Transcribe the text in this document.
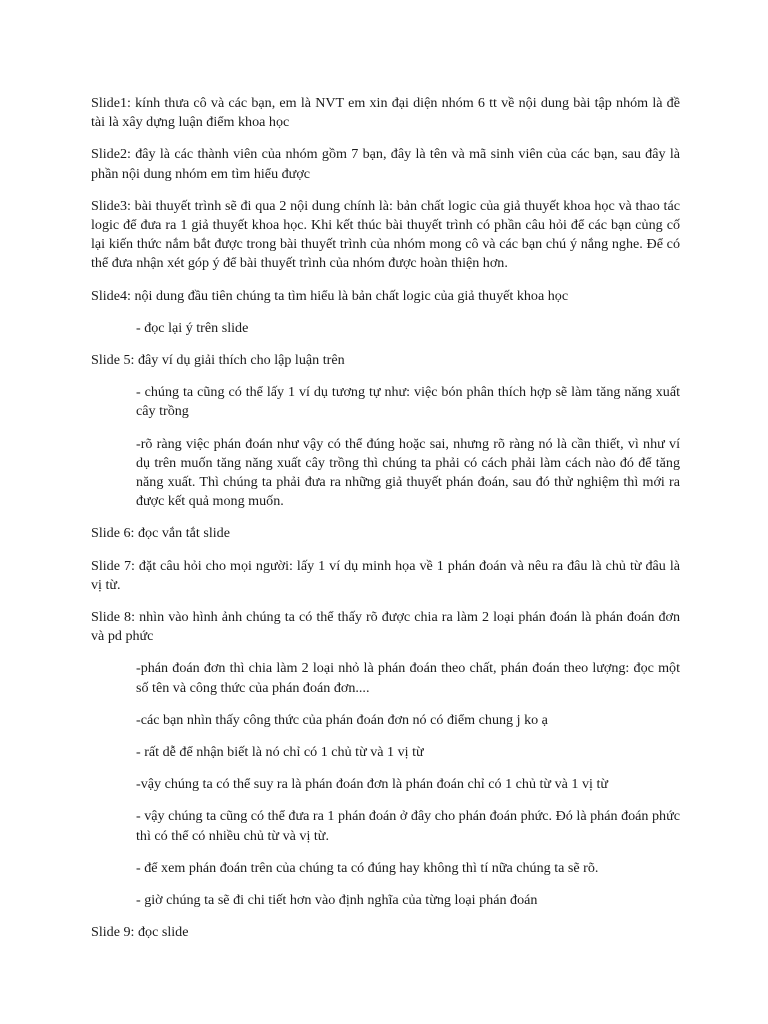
Slide1: kính thưa cô và các bạn, em là NVT em xin đại diện nhóm 6 tt về nội dung bài tập nhóm là đề tài là xây dựng luận điểm khoa học

Slide2: đây là các thành viên của nhóm gồm 7 bạn, đây là tên và mã sinh viên của các bạn, sau đây là phần nội dung nhóm em tìm hiểu được

Slide3: bài thuyết trình sẽ đi qua 2 nội dung chính là: bản chất logic của giả thuyết khoa học và thao tác logic để đưa ra 1 giả thuyết khoa học. Khi kết thúc bài thuyết trình có phần câu hỏi để các bạn củng cố lại kiến thức nắm bắt được trong bài thuyết trình của nhóm mong cô và các bạn chú ý nắng nghe. Để có thể đưa nhận xét góp ý để bài thuyết trình của nhóm được hoàn thiện hơn.

Slide4: nội dung đầu tiên chúng ta tìm hiểu là bản chất logic của giả thuyết khoa học

- đọc lại ý trên slide

Slide 5: đây ví dụ giải thích cho lập luận trên

- chúng ta cũng có thể lấy 1 ví dụ tương tự như: việc bón phân thích hợp sẽ làm tăng năng xuất cây trồng

-rõ ràng việc phán đoán như vậy có thể đúng hoặc sai, nhưng rõ ràng nó là cần thiết, vì như ví dụ trên muốn tăng năng xuất cây trồng thì chúng ta phải có cách phải làm cách nào đó để tăng năng xuất. Thì chúng ta phải đưa ra những giả thuyết phán đoán, sau đó thử nghiệm thì mới ra được kết quả mong muốn.

Slide 6: đọc vắn tắt slide

Slide 7: đặt câu hỏi cho mọi người: lấy 1 ví dụ minh họa về 1 phán đoán và nêu ra đâu là chủ từ đâu là vị từ.

Slide 8: nhìn vào hình ảnh chúng ta có thể thấy rõ được chia ra làm 2 loại phán đoán là phán đoán đơn và pd phức

-phán đoán đơn thì chia làm 2 loại nhỏ là phán đoán theo chất, phán đoán theo lượng: đọc một số tên và công thức của phán đoán đơn....

-các bạn nhìn thấy công thức của phán đoán đơn nó có điểm chung j ko ạ

- rất dễ để nhận biết là nó chỉ có 1 chủ từ và 1 vị từ

-vậy chúng ta có thể suy ra là phán đoán đơn là phán đoán chỉ có 1 chủ từ và 1 vị từ

- vậy chúng ta cũng có thể đưa ra 1 phán đoán ở đây cho phán đoán phức. Đó là phán đoán phức thì có thể có nhiều chủ từ và vị từ.

- để xem phán đoán trên của chúng ta có đúng hay không thì tí nữa chúng ta sẽ rõ.

- giờ chúng ta sẽ đi chi tiết hơn vào định nghĩa của từng loại phán đoán

Slide 9: đọc slide
